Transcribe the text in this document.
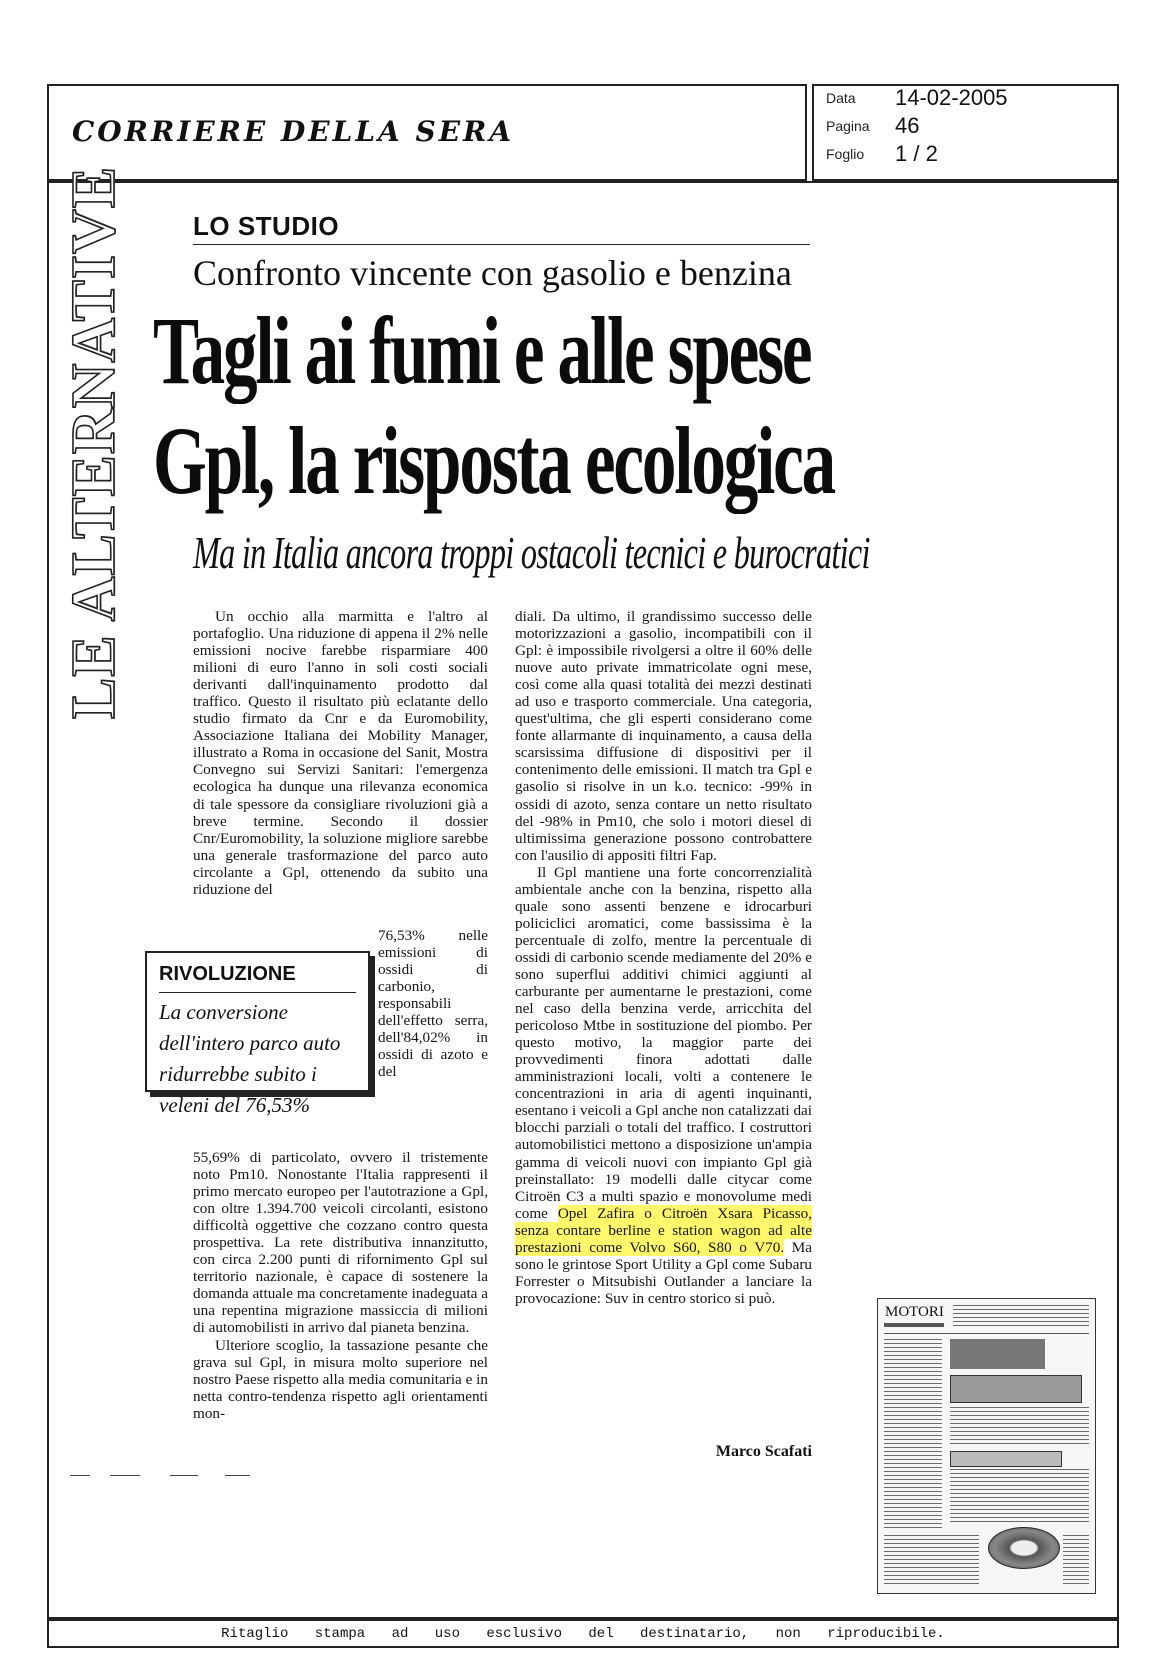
CORRIERE DELLA SERA
Data 14-02-2005
Pagina 46
Foglio 1 / 2
LE ALTERNATIVE LO STUDIO
Confronto vincente con gasolio e benzina
Tagli ai fumi e alle spese
Gpl, la risposta ecologica
Ma in Italia ancora troppi ostacoli tecnici e burocratici

Un occhio alla marmitta e l'altro al portafoglio. Una riduzione di appena il 2% nelle emissioni nocive farebbe risparmiare 400 milioni di euro l'anno in soli costi sociali derivanti dall'inquinamento prodotto dal traffico. Questo il risultato più eclatante dello studio firmato da Cnr e da Euromobility, Associazione Italiana dei Mobility Manager, illustrato a Roma in occasione del Sanit, Mostra Convegno sui Servizi Sanitari: l'emergenza ecologica ha dunque una rilevanza economica di tale spessore da consigliare rivoluzioni già a breve termine. Secondo il dossier Cnr/Euromobility, la soluzione migliore sarebbe una generale trasformazione del parco auto circolante a Gpl, ottenendo da subito una riduzione del

76,53% nelle emissioni di ossidi di carbonio, responsabili dell'effetto serra, dell'84,02% in ossidi di azoto e del

55,69% di particolato, ovvero il tristemente noto Pm10. Nonostante l'Italia rappresenti il primo mercato europeo per l'autotrazione a Gpl, con oltre 1.394.700 veicoli circolanti, esistono difficoltà oggettive che cozzano contro questa prospettiva. La rete distributiva innanzitutto, con circa 2.200 punti di rifornimento Gpl sul territorio nazionale, è capace di sostenere la domanda attuale ma concretamente inadeguata a una repentina migrazione massiccia di milioni di automobilisti in arrivo dal pianeta benzina.

Ulteriore scoglio, la tassazione pesante che grava sul Gpl, in misura molto superiore nel nostro Paese rispetto alla media comunitaria e in netta contro-tendenza rispetto agli orientamenti mon-

RIVOLUZIONE
La conversione dell'intero parco auto ridurrebbe subito i veleni del 76,53%

diali. Da ultimo, il grandissimo successo delle motorizzazioni a gasolio, incompatibili con il Gpl: è impossibile rivolgersi a oltre il 60% delle nuove auto private immatricolate ogni mese, così come alla quasi totalità dei mezzi destinati ad uso e trasporto commerciale. Una categoria, quest'ultima, che gli esperti considerano come fonte allarmante di inquinamento, a causa della scarsissima diffusione di dispositivi per il contenimento delle emissioni. Il match tra Gpl e gasolio si risolve in un k.o. tecnico: -99% in ossidi di azoto, senza contare un netto risultato del -98% in Pm10, che solo i motori diesel di ultimissima generazione possono controbattere con l'ausilio di appositi filtri Fap.

Il Gpl mantiene una forte concorrenzialità ambientale anche con la benzina, rispetto alla quale sono assenti benzene e idrocarburi policiclici aromatici, come bassissima è la percentuale di zolfo, mentre la percentuale di ossidi di carbonio scende mediamente del 20% e sono superflui additivi chimici aggiunti al carburante per aumentarne le prestazioni, come nel caso della benzina verde, arricchita del pericoloso Mtbe in sostituzione del piombo. Per questo motivo, la maggior parte dei provvedimenti finora adottati dalle amministrazioni locali, volti a contenere le concentrazioni in aria di agenti inquinanti, esentano i veicoli a Gpl anche non catalizzati dai blocchi parziali o totali del traffico. I costruttori automobilistici mettono a disposizione un'ampia gamma di veicoli nuovi con impianto Gpl già preinstallato: 19 modelli dalle citycar come Citroën C3 a multi spazio e monovolume medi come Opel Zafira o Citroën Xsara Picasso, senza contare berline e station wagon ad alte prestazioni come Volvo S60, S80 o V70. Ma sono le grintose Sport Utility a Gpl come Subaru Forrester o Mitsubishi Outlander a lanciare la provocazione: Suv in centro storico si può.

Marco Scafati
MOTORI
Ritaglio stampa ad uso esclusivo del destinatario, non riproducibile.
